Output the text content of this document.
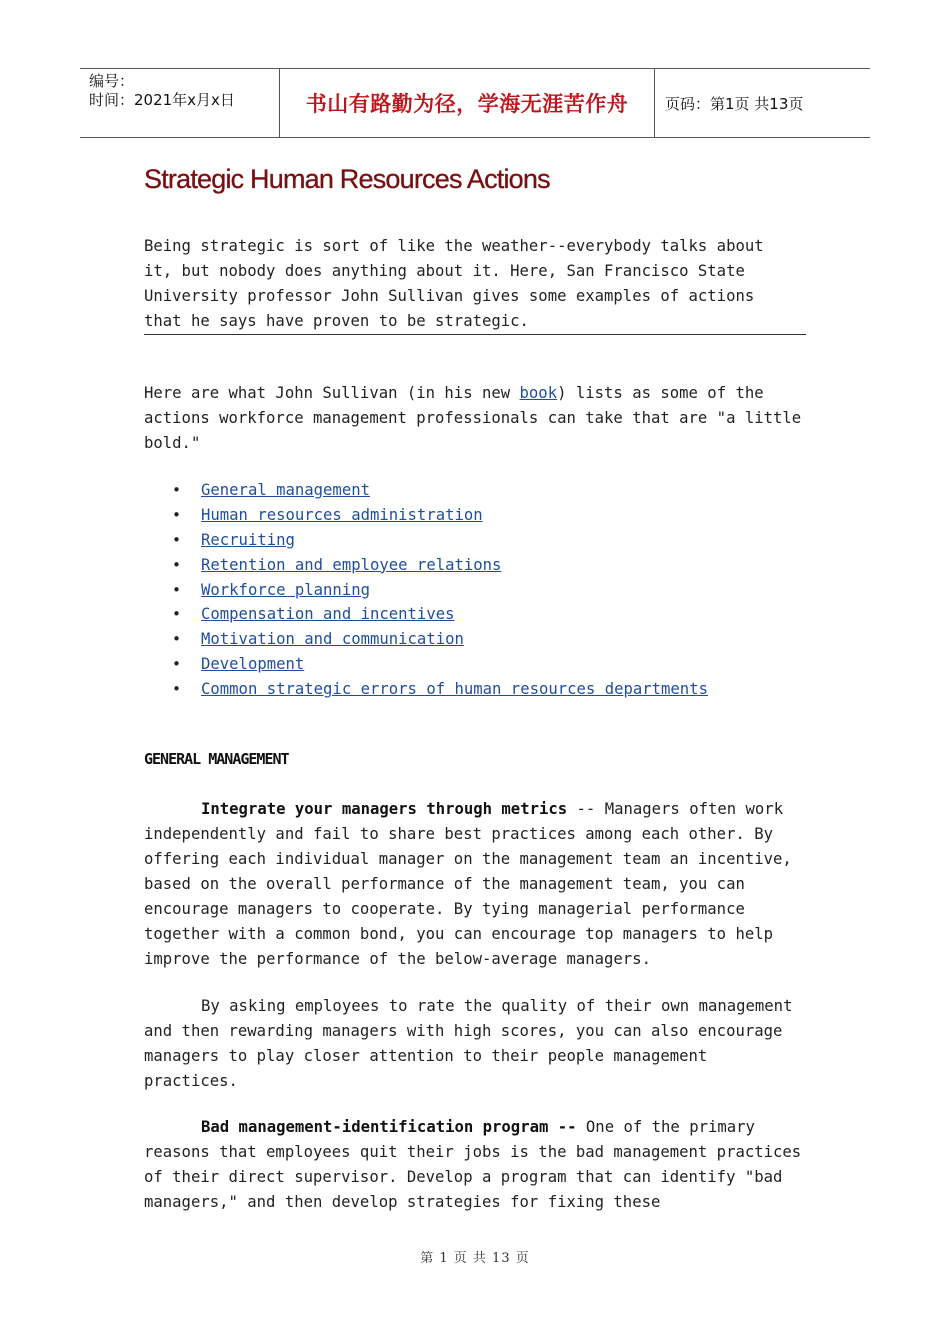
编号：
时间：2021年x月x日	书山有路勤为径，学海无涯苦作舟	页码：第1页 共13页
Strategic Human Resources Actions

Being strategic is sort of like the weather--everybody talks about
it, but nobody does anything about it. Here, San Francisco State
University professor John Sullivan gives some examples of actions
that he says have proven to be strategic.

Here are what John Sullivan (in his new book) lists as some of the actions workforce management professionals can take that are "a little bold."

• General management
• Human resources administration
• Recruiting
• Retention and employee relations
• Workforce planning
• Compensation and incentives
• Motivation and communication
• Development
• Common strategic errors of human resources departments
GENERAL MANAGEMENT

Integrate your managers through metrics -- Managers often work independently and fail to share best practices among each other. By offering each individual manager on the management team an incentive, based on the overall performance of the management team, you can encourage managers to cooperate. By tying managerial performance together with a common bond, you can encourage top managers to help improve the performance of the below-average managers.

By asking employees to rate the quality of their own management and then rewarding managers with high scores, you can also encourage managers to play closer attention to their people management practices.

Bad management-identification program -- One of the primary reasons that employees quit their jobs is the bad management practices of their direct supervisor. Develop a program that can identify "bad managers," and then develop strategies for fixing these

第 1 页 共 13 页
